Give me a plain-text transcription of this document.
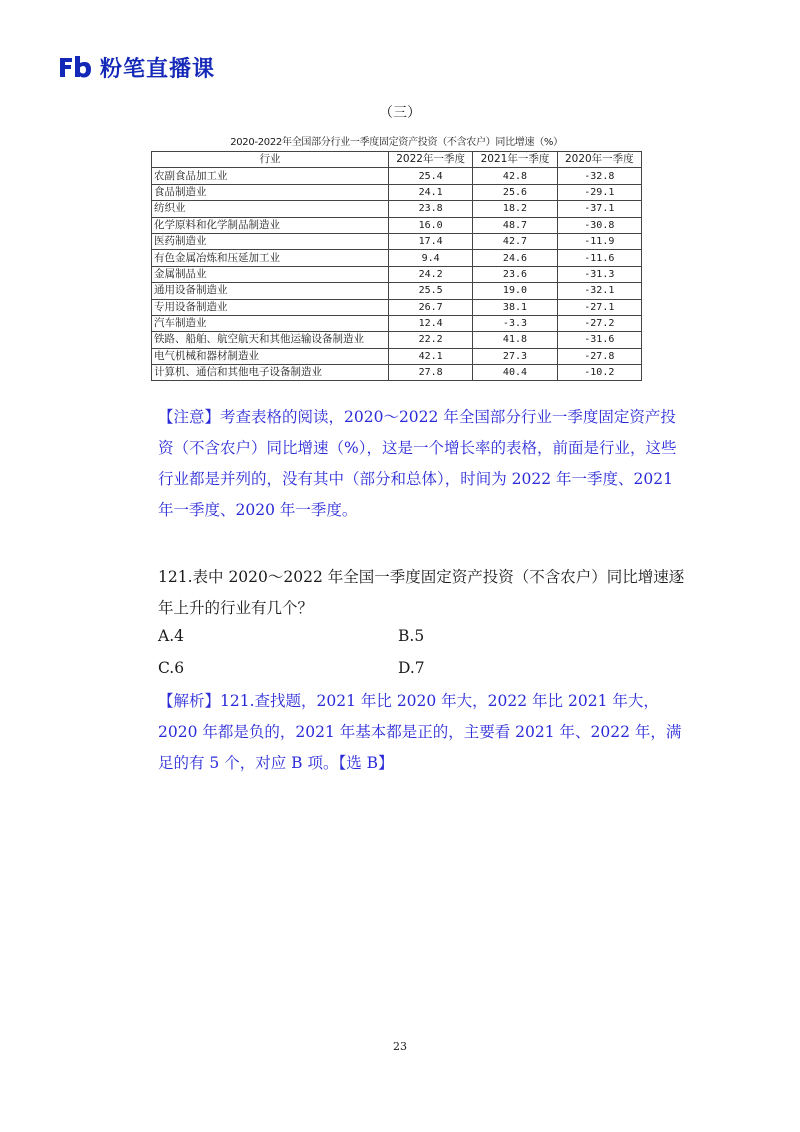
粉笔直播课
（三）
2020-2022年全国部分行业一季度固定资产投资（不含农户）同比增速（%）
行业	2022年一季度	2021年一季度	2020年一季度
农副食品加工业	25.4	42.8	-32.8
食品制造业	24.1	25.6	-29.1
纺织业	23.8	18.2	-37.1
化学原料和化学制品制造业	16.0	48.7	-30.8
医药制造业	17.4	42.7	-11.9
有色金属冶炼和压延加工业	9.4	24.6	-11.6
金属制品业	24.2	23.6	-31.3
通用设备制造业	25.5	19.0	-32.1
专用设备制造业	26.7	38.1	-27.1
汽车制造业	12.4	-3.3	-27.2
铁路、船舶、航空航天和其他运输设备制造业	22.2	41.8	-31.6
电气机械和器材制造业	42.1	27.3	-27.8
计算机、通信和其他电子设备制造业	27.8	40.4	-10.2
【注意】考查表格的阅读，2020～2022 年全国部分行业一季度固定资产投资（不含农户）同比增速（%），这是一个增长率的表格，前面是行业，这些行业都是并列的，没有其中（部分和总体），时间为 2022 年一季度、2021 年一季度、2020 年一季度。
121.表中 2020～2022 年全国一季度固定资产投资（不含农户）同比增速逐年上升的行业有几个？
A.4	B.5
C.6	D.7
【解析】121.查找题，2021 年比 2020 年大，2022 年比 2021 年大，2020 年都是负的，2021 年基本都是正的，主要看 2021 年、2022 年，满足的有 5 个，对应 B 项。【选 B】
23
